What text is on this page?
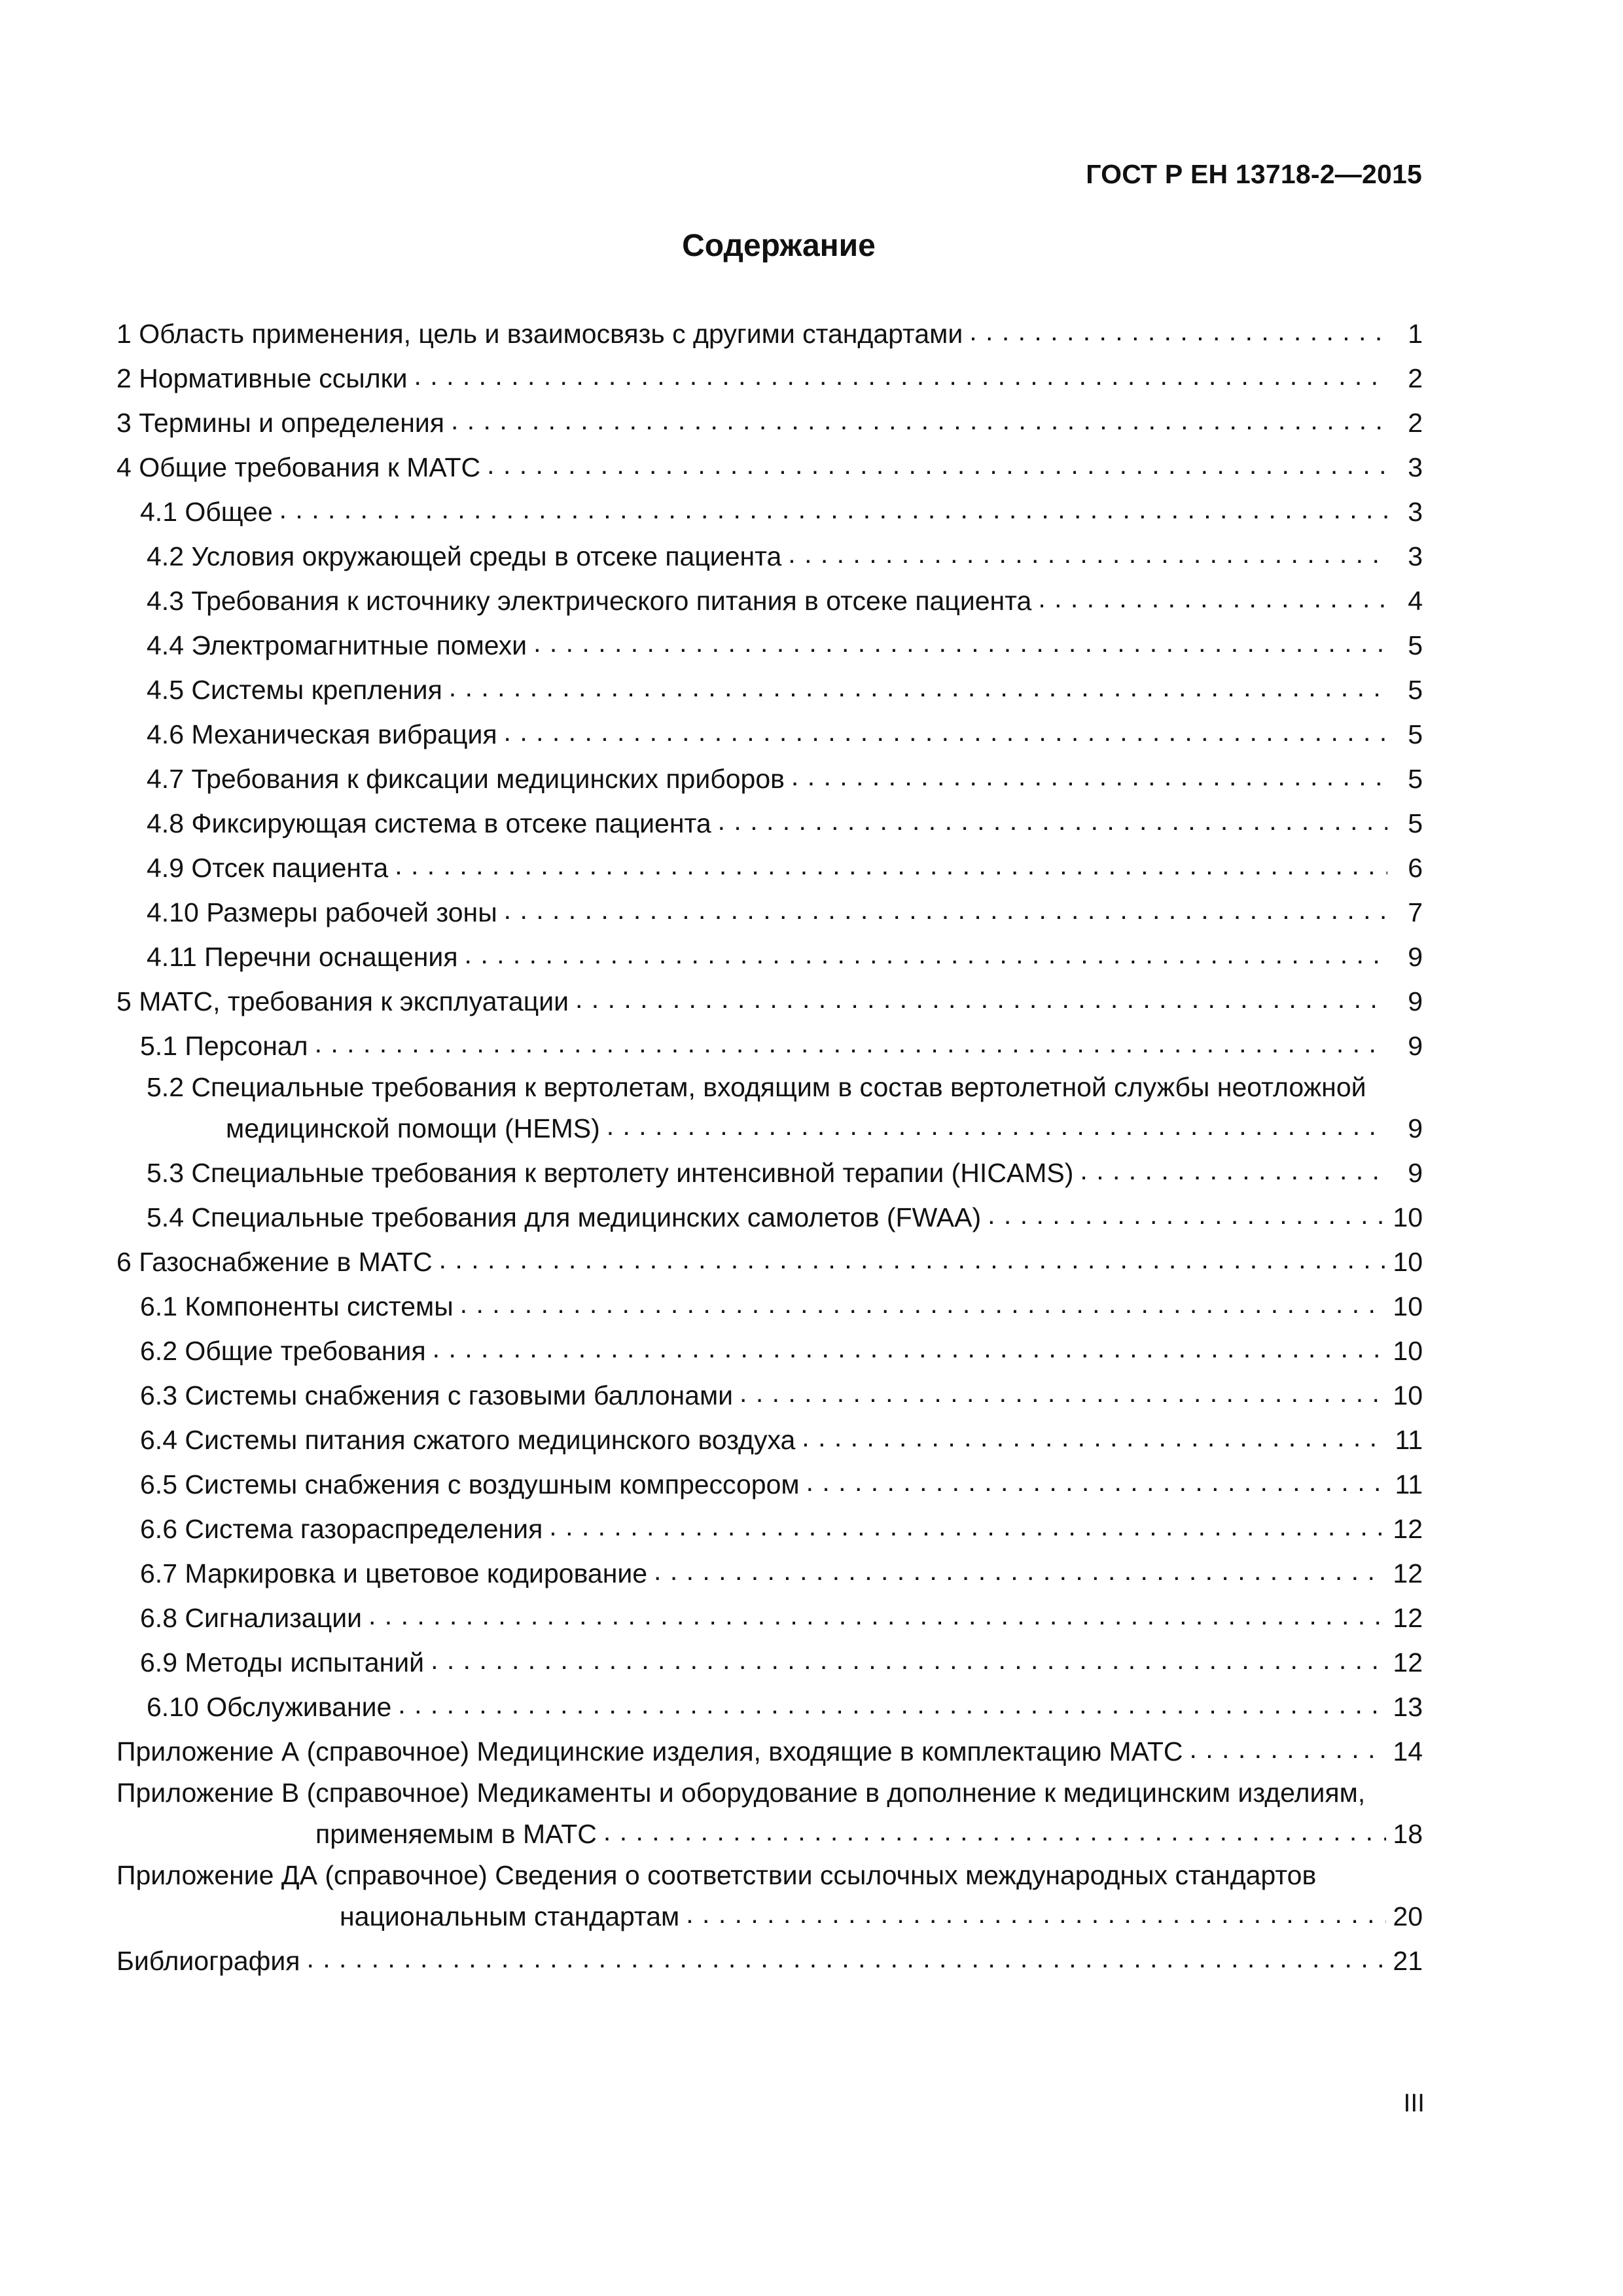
ГОСТ Р ЕН 13718-2—2015
Содержание
1 Область применения, цель и взаимосвязь с другими стандартами . . .	1
2 Нормативные ссылки . . .	2
3 Термины и определения . . .	2
4 Общие требования к МАТС . . .	3
4.1 Общее . . .	3
4.2 Условия окружающей среды в отсеке пациента . . .	3
4.3 Требования к источнику электрического питания в отсеке пациента . . .	4
4.4 Электромагнитные помехи . . .	5
4.5 Системы крепления . . .	5
4.6 Механическая вибрация . . .	5
4.7 Требования к фиксации медицинских приборов . . .	5
4.8 Фиксирующая система в отсеке пациента . . .	5
4.9 Отсек пациента . . .	6
4.10 Размеры рабочей зоны . . .	7
4.11 Перечни оснащения . . .	9
5 МАТС, требования к эксплуатации . . .	9
5.1 Персонал . . .	9
5.2 Специальные требования к вертолетам, входящим в состав вертолетной службы неотложной
медицинской помощи (HEMS) . . .	9
5.3 Специальные требования к вертолету интенсивной терапии (HICAMS) . . .	9
5.4 Специальные требования для медицинских самолетов (FWAA) . . .	10
6 Газоснабжение в МАТС . . .	10
6.1 Компоненты системы . . .	10
6.2 Общие требования . . .	10
6.3 Системы снабжения с газовыми баллонами . . .	10
6.4 Системы питания сжатого медицинского воздуха . . .	11
6.5 Системы снабжения с воздушным компрессором . . .	11
6.6 Система газораспределения . . .	12
6.7 Маркировка и цветовое кодирование . . .	12
6.8 Сигнализации . . .	12
6.9 Методы испытаний . . .	12
6.10 Обслуживание . . .	13
Приложение А (справочное) Медицинские изделия, входящие в комплектацию МАТС . . .	14
Приложение В (справочное) Медикаменты и оборудование в дополнение к медицинским изделиям,
применяемым в МАТС . . .	18
Приложение ДА (справочное) Сведения о соответствии ссылочных международных стандартов
национальным стандартам . . .	20
Библиография . . .	21
III
